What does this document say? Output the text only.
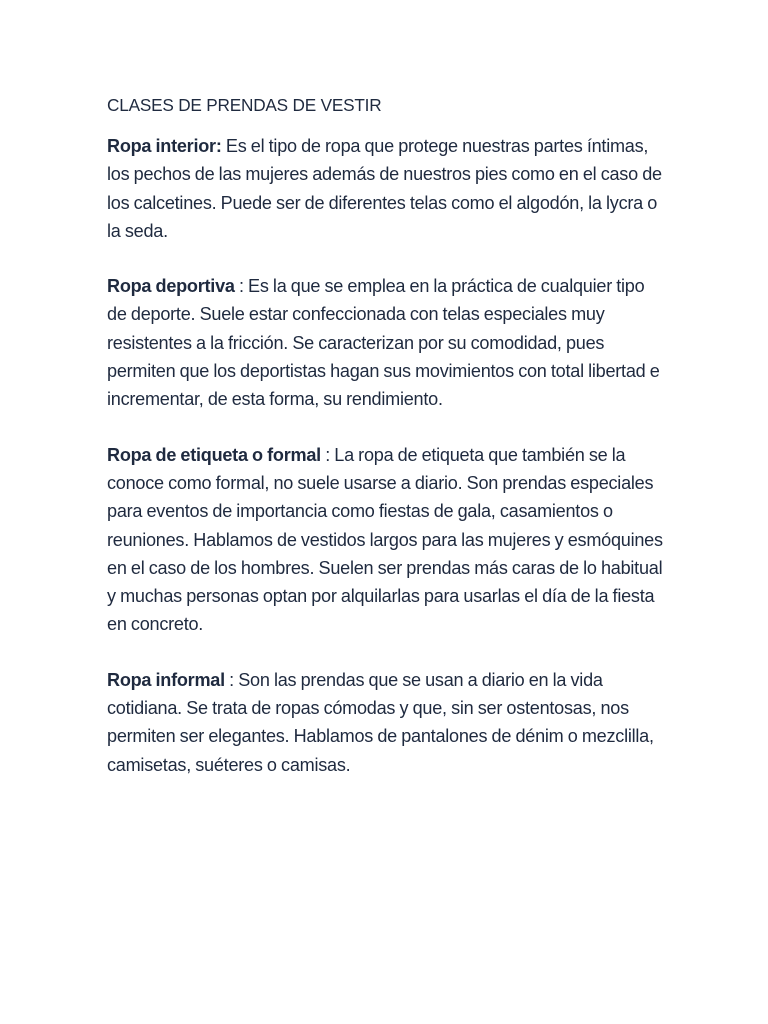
CLASES DE PRENDAS DE VESTIR

Ropa interior: Es el tipo de ropa que protege nuestras partes íntimas, los pechos de las mujeres además de nuestros pies como en el caso de los calcetines. Puede ser de diferentes telas como el algodón, la lycra o la seda.

Ropa deportiva : Es la que se emplea en la práctica de cualquier tipo de deporte. Suele estar confeccionada con telas especiales muy resistentes a la fricción. Se caracterizan por su comodidad, pues permiten que los deportistas hagan sus movimientos con total libertad e incrementar, de esta forma, su rendimiento.

Ropa de etiqueta o formal : La ropa de etiqueta que también se la conoce como formal, no suele usarse a diario. Son prendas especiales para eventos de importancia como fiestas de gala, casamientos o reuniones. Hablamos de vestidos largos para las mujeres y esmóquines en el caso de los hombres. Suelen ser prendas más caras de lo habitual y muchas personas optan por alquilarlas para usarlas el día de la fiesta en concreto.

Ropa informal : Son las prendas que se usan a diario en la vida cotidiana. Se trata de ropas cómodas y que, sin ser ostentosas, nos permiten ser elegantes. Hablamos de pantalones de dénim o mezclilla, camisetas, suéteres o camisas.
